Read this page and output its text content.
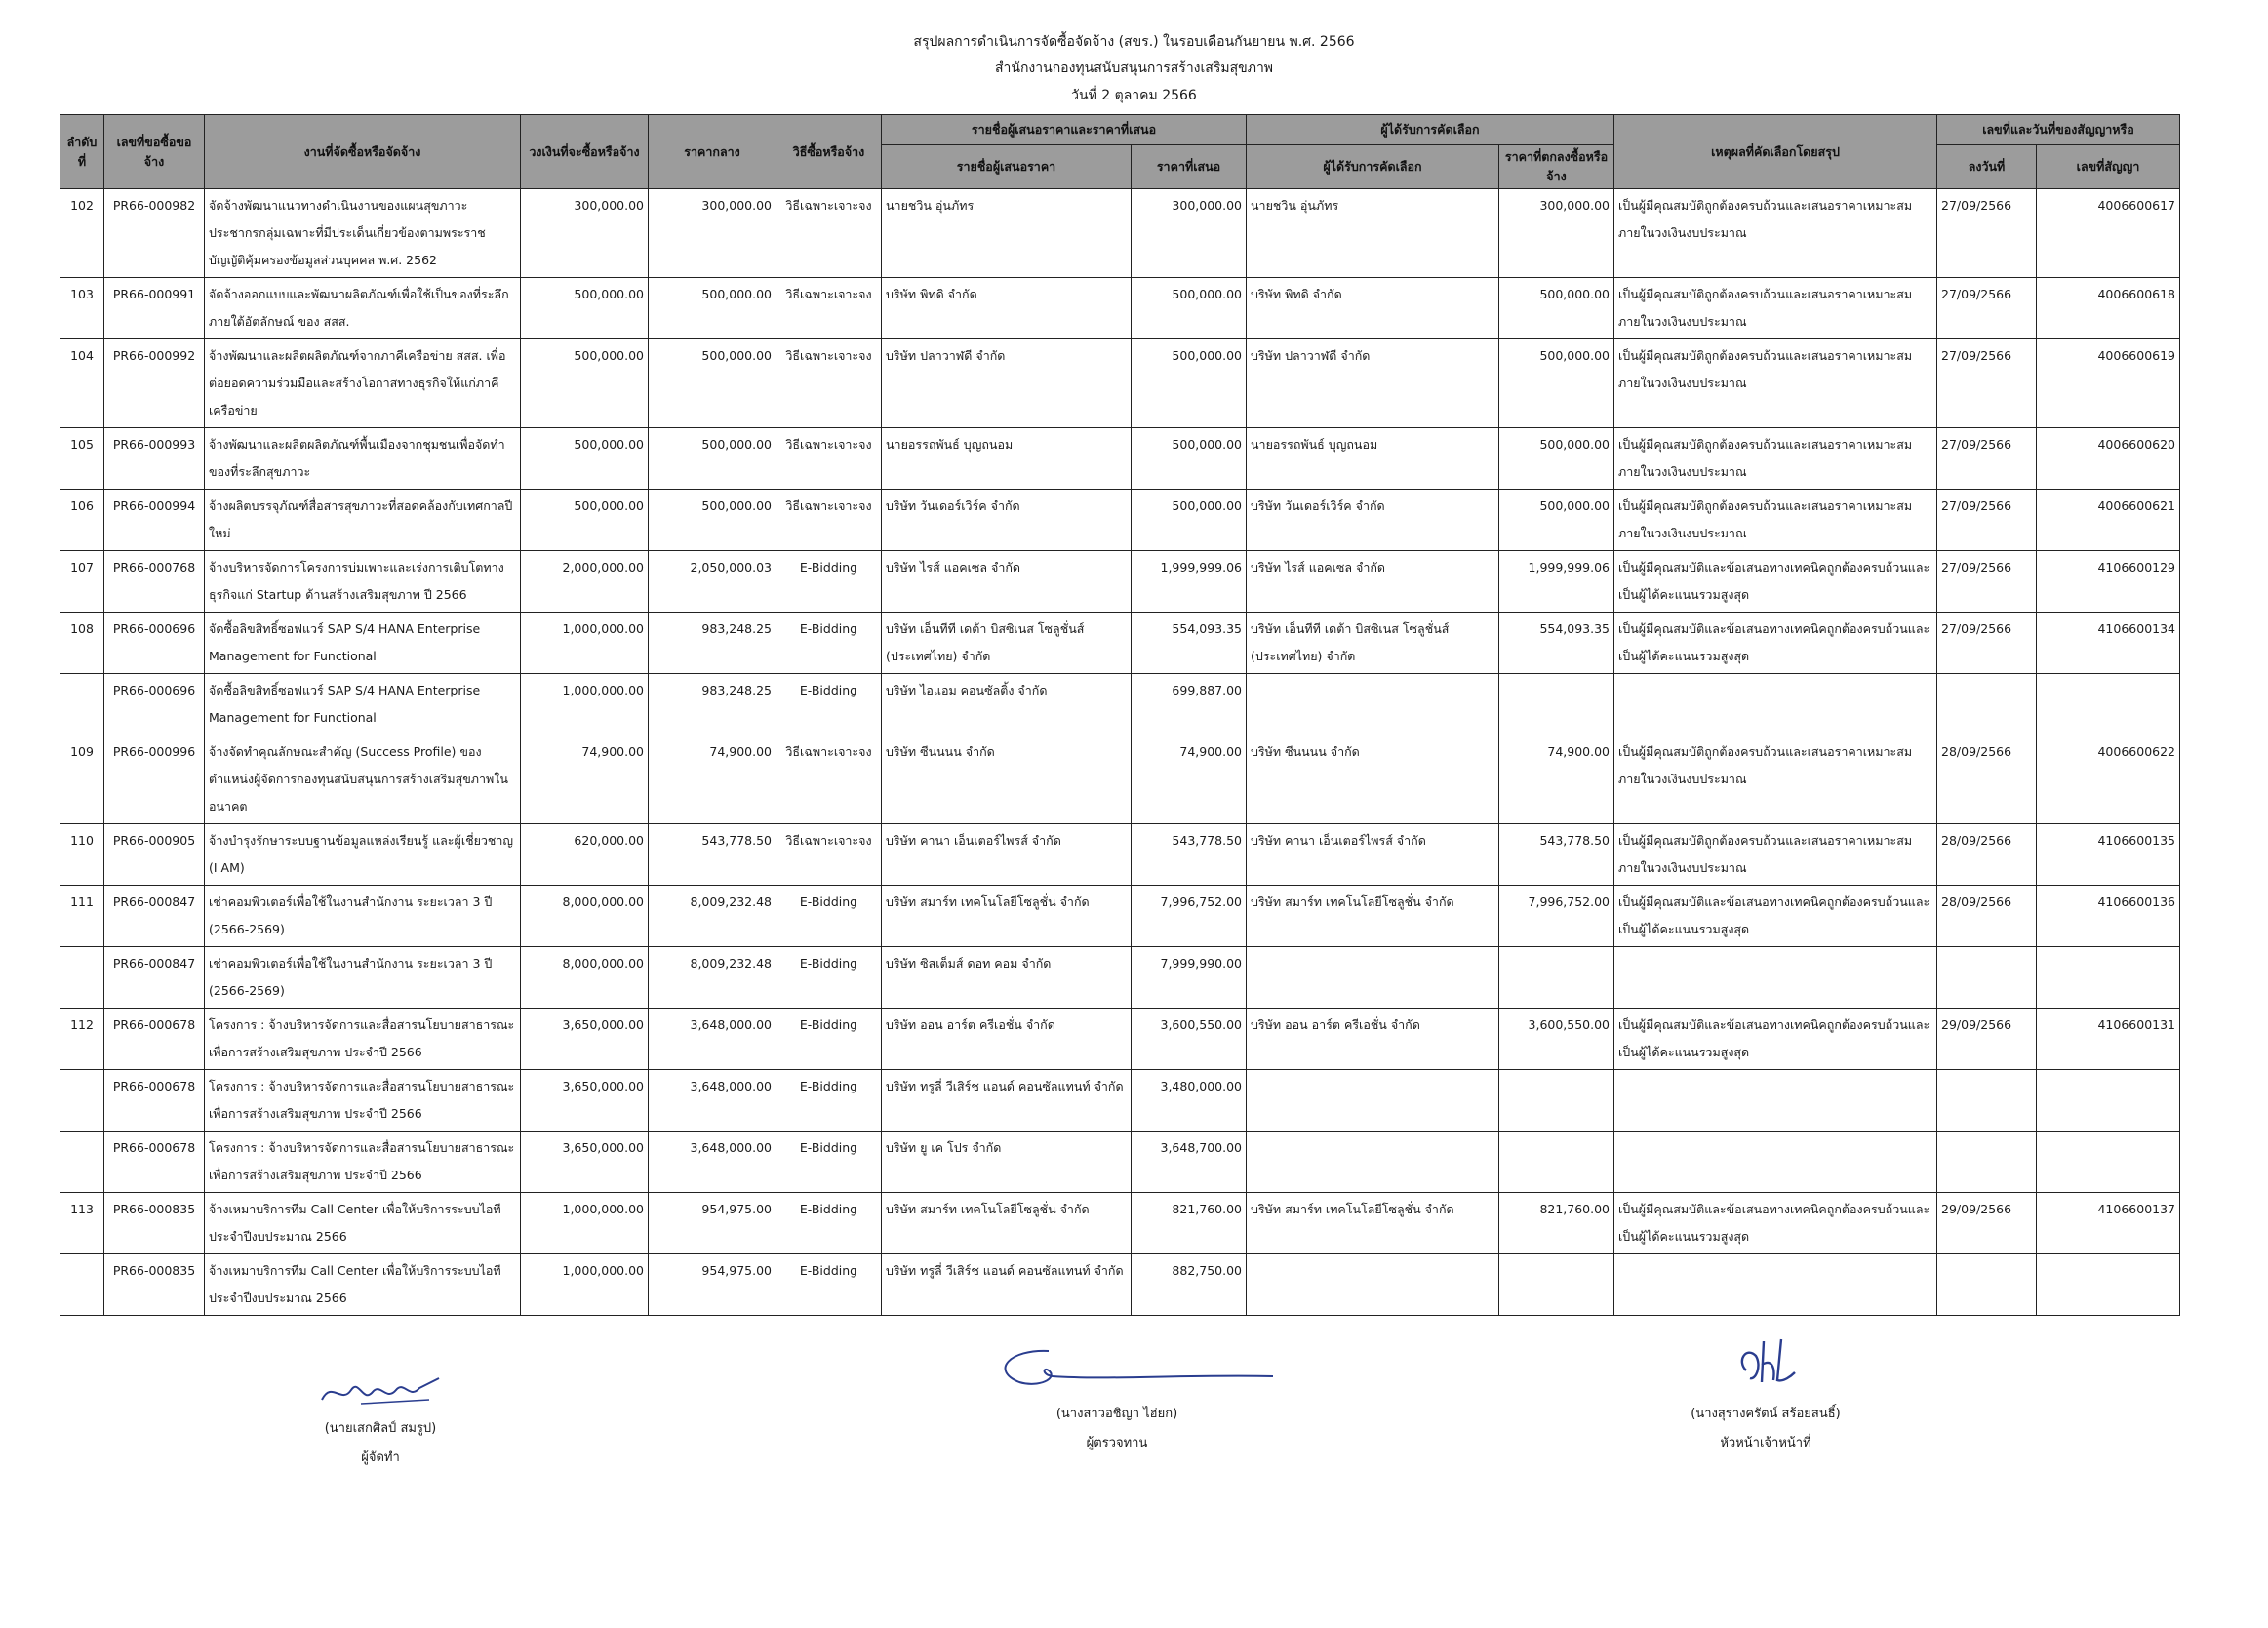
สรุปผลการดำเนินการจัดซื้อจัดจ้าง (สขร.) ในรอบเดือนกันยายน พ.ศ. 2566
สำนักงานกองทุนสนับสนุนการสร้างเสริมสุขภาพ
วันที่ 2 ตุลาคม 2566
ลำดับที่	เลขที่ขอซื้อขอจ้าง	งานที่จัดซื้อหรือจัดจ้าง	วงเงินที่จะซื้อหรือจ้าง	ราคากลาง	วิธีซื้อหรือจ้าง	รายชื่อผู้เสนอราคาและราคาที่เสนอ		ผู้ได้รับการคัดเลือก		เหตุผลที่คัดเลือกโดยสรุป	เลขที่และวันที่ของสัญญาหรือ	
						รายชื่อผู้เสนอราคา	ราคาที่เสนอ	ผู้ได้รับการคัดเลือก	ราคาที่ตกลงซื้อหรือจ้าง		ลงวันที่	เลขที่สัญญา
102	PR66-000982	จัดจ้างพัฒนาแนวทางดำเนินงานของแผนสุขภาวะประชากรกลุ่มเฉพาะที่มีประเด็นเกี่ยวข้องตามพระราชบัญญัติคุ้มครองข้อมูลส่วนบุคคล พ.ศ. 2562	300,000.00	300,000.00	วิธีเฉพาะเจาะจง	นายชวิน อุ่นภัทร	300,000.00	นายชวิน อุ่นภัทร	300,000.00	เป็นผู้มีคุณสมบัติถูกต้องครบถ้วนและเสนอราคาเหมาะสมภายในวงเงินงบประมาณ	27/09/2566	4006600617
103	PR66-000991	จัดจ้างออกแบบและพัฒนาผลิตภัณฑ์เพื่อใช้เป็นของที่ระลึกภายใต้อัตลักษณ์ ของ สสส.	500,000.00	500,000.00	วิธีเฉพาะเจาะจง	บริษัท พิทดิ จำกัด	500,000.00	บริษัท พิทดิ จำกัด	500,000.00	เป็นผู้มีคุณสมบัติถูกต้องครบถ้วนและเสนอราคาเหมาะสมภายในวงเงินงบประมาณ	27/09/2566	4006600618
104	PR66-000992	จ้างพัฒนาและผลิตผลิตภัณฑ์จากภาคีเครือข่าย สสส. เพื่อต่อยอดความร่วมมือและสร้างโอกาสทางธุรกิจให้แก่ภาคีเครือข่าย	500,000.00	500,000.00	วิธีเฉพาะเจาะจง	บริษัท ปลาวาฬดี จำกัด	500,000.00	บริษัท ปลาวาฬดี จำกัด	500,000.00	เป็นผู้มีคุณสมบัติถูกต้องครบถ้วนและเสนอราคาเหมาะสมภายในวงเงินงบประมาณ	27/09/2566	4006600619
105	PR66-000993	จ้างพัฒนาและผลิตผลิตภัณฑ์พื้นเมืองจากชุมชนเพื่อจัดทำของที่ระลึกสุขภาวะ	500,000.00	500,000.00	วิธีเฉพาะเจาะจง	นายอรรถพันธ์ บุญถนอม	500,000.00	นายอรรถพันธ์ บุญถนอม	500,000.00	เป็นผู้มีคุณสมบัติถูกต้องครบถ้วนและเสนอราคาเหมาะสมภายในวงเงินงบประมาณ	27/09/2566	4006600620
106	PR66-000994	จ้างผลิตบรรจุภัณฑ์สื่อสารสุขภาวะที่สอดคล้องกับเทศกาลปีใหม่	500,000.00	500,000.00	วิธีเฉพาะเจาะจง	บริษัท วันเดอร์เวิร์ค จำกัด	500,000.00	บริษัท วันเดอร์เวิร์ค จำกัด	500,000.00	เป็นผู้มีคุณสมบัติถูกต้องครบถ้วนและเสนอราคาเหมาะสมภายในวงเงินงบประมาณ	27/09/2566	4006600621
107	PR66-000768	จ้างบริหารจัดการโครงการบ่มเพาะและเร่งการเติบโตทางธุรกิจแก่ Startup ด้านสร้างเสริมสุขภาพ ปี 2566	2,000,000.00	2,050,000.03	E-Bidding	บริษัท ไรส์ แอคเซล จำกัด	1,999,999.06	บริษัท ไรส์ แอคเซล จำกัด	1,999,999.06	เป็นผู้มีคุณสมบัติและข้อเสนอทางเทคนิคถูกต้องครบถ้วนและเป็นผู้ได้คะแนนรวมสูงสุด	27/09/2566	4106600129
108	PR66-000696	จัดซื้อลิขสิทธิ์ซอฟแวร์ SAP S/4 HANA Enterprise Management for Functional	1,000,000.00	983,248.25	E-Bidding	บริษัท เอ็นทีที เดต้า บิสซิเนส โซลูชั่นส์ (ประเทศไทย) จำกัด	554,093.35	บริษัท เอ็นทีที เดต้า บิสซิเนส โซลูชั่นส์ (ประเทศไทย) จำกัด	554,093.35	เป็นผู้มีคุณสมบัติและข้อเสนอทางเทคนิคถูกต้องครบถ้วนและเป็นผู้ได้คะแนนรวมสูงสุด	27/09/2566	4106600134
	PR66-000696	จัดซื้อลิขสิทธิ์ซอฟแวร์ SAP S/4 HANA Enterprise Management for Functional	1,000,000.00	983,248.25	E-Bidding	บริษัท ไอแอม คอนซัลติ้ง จำกัด	699,887.00					
109	PR66-000996	จ้างจัดทำคุณลักษณะสำคัญ (Success Profile) ของตำแหน่งผู้จัดการกองทุนสนับสนุนการสร้างเสริมสุขภาพในอนาคต	74,900.00	74,900.00	วิธีเฉพาะเจาะจง	บริษัท ซีนนนน จำกัด	74,900.00	บริษัท ซีนนนน จำกัด	74,900.00	เป็นผู้มีคุณสมบัติถูกต้องครบถ้วนและเสนอราคาเหมาะสมภายในวงเงินงบประมาณ	28/09/2566	4006600622
110	PR66-000905	จ้างบำรุงรักษาระบบฐานข้อมูลแหล่งเรียนรู้ และผู้เชี่ยวชาญ (I AM)	620,000.00	543,778.50	วิธีเฉพาะเจาะจง	บริษัท คานา เอ็นเตอร์ไพรส์ จำกัด	543,778.50	บริษัท คานา เอ็นเตอร์ไพรส์ จำกัด	543,778.50	เป็นผู้มีคุณสมบัติถูกต้องครบถ้วนและเสนอราคาเหมาะสมภายในวงเงินงบประมาณ	28/09/2566	4106600135
111	PR66-000847	เช่าคอมพิวเตอร์เพื่อใช้ในงานสำนักงาน ระยะเวลา 3 ปี (2566-2569)	8,000,000.00	8,009,232.48	E-Bidding	บริษัท สมาร์ท เทคโนโลยีโซลูชั่น จำกัด	7,996,752.00	บริษัท สมาร์ท เทคโนโลยีโซลูชั่น จำกัด	7,996,752.00	เป็นผู้มีคุณสมบัติและข้อเสนอทางเทคนิคถูกต้องครบถ้วนและเป็นผู้ได้คะแนนรวมสูงสุด	28/09/2566	4106600136
	PR66-000847	เช่าคอมพิวเตอร์เพื่อใช้ในงานสำนักงาน ระยะเวลา 3 ปี (2566-2569)	8,000,000.00	8,009,232.48	E-Bidding	บริษัท ซิสเต็มส์ ดอท คอม จำกัด	7,999,990.00					
112	PR66-000678	โครงการ : จ้างบริหารจัดการและสื่อสารนโยบายสาธารณะเพื่อการสร้างเสริมสุขภาพ ประจำปี 2566	3,650,000.00	3,648,000.00	E-Bidding	บริษัท ออน อาร์ต ครีเอชั่น จำกัด	3,600,550.00	บริษัท ออน อาร์ต ครีเอชั่น จำกัด	3,600,550.00	เป็นผู้มีคุณสมบัติและข้อเสนอทางเทคนิคถูกต้องครบถ้วนและเป็นผู้ได้คะแนนรวมสูงสุด	29/09/2566	4106600131
	PR66-000678	โครงการ : จ้างบริหารจัดการและสื่อสารนโยบายสาธารณะเพื่อการสร้างเสริมสุขภาพ ประจำปี 2566	3,650,000.00	3,648,000.00	E-Bidding	บริษัท ทรูลี่ วีเสิร์ช แอนด์ คอนซัลแทนท์ จำกัด	3,480,000.00					
	PR66-000678	โครงการ : จ้างบริหารจัดการและสื่อสารนโยบายสาธารณะเพื่อการสร้างเสริมสุขภาพ ประจำปี 2566	3,650,000.00	3,648,000.00	E-Bidding	บริษัท ยู เค โปร จำกัด	3,648,700.00					
113	PR66-000835	จ้างเหมาบริการทีม Call Center เพื่อให้บริการระบบไอที ประจำปีงบประมาณ 2566	1,000,000.00	954,975.00	E-Bidding	บริษัท สมาร์ท เทคโนโลยีโซลูชั่น จำกัด	821,760.00	บริษัท สมาร์ท เทคโนโลยีโซลูชั่น จำกัด	821,760.00	เป็นผู้มีคุณสมบัติและข้อเสนอทางเทคนิคถูกต้องครบถ้วนและเป็นผู้ได้คะแนนรวมสูงสุด	29/09/2566	4106600137
	PR66-000835	จ้างเหมาบริการทีม Call Center เพื่อให้บริการระบบไอที ประจำปีงบประมาณ 2566	1,000,000.00	954,975.00	E-Bidding	บริษัท ทรูลี่ วีเสิร์ช แอนด์ คอนซัลแทนท์ จำกัด	882,750.00					
(นายเสกศิลป์ สมรูป)
ผู้จัดทำ
(นางสาวอชิญา ไฮ่ยก)
ผู้ตรวจทาน
(นางสุรางครัตน์ สร้อยสนธิ์)
หัวหน้าเจ้าหน้าที่
